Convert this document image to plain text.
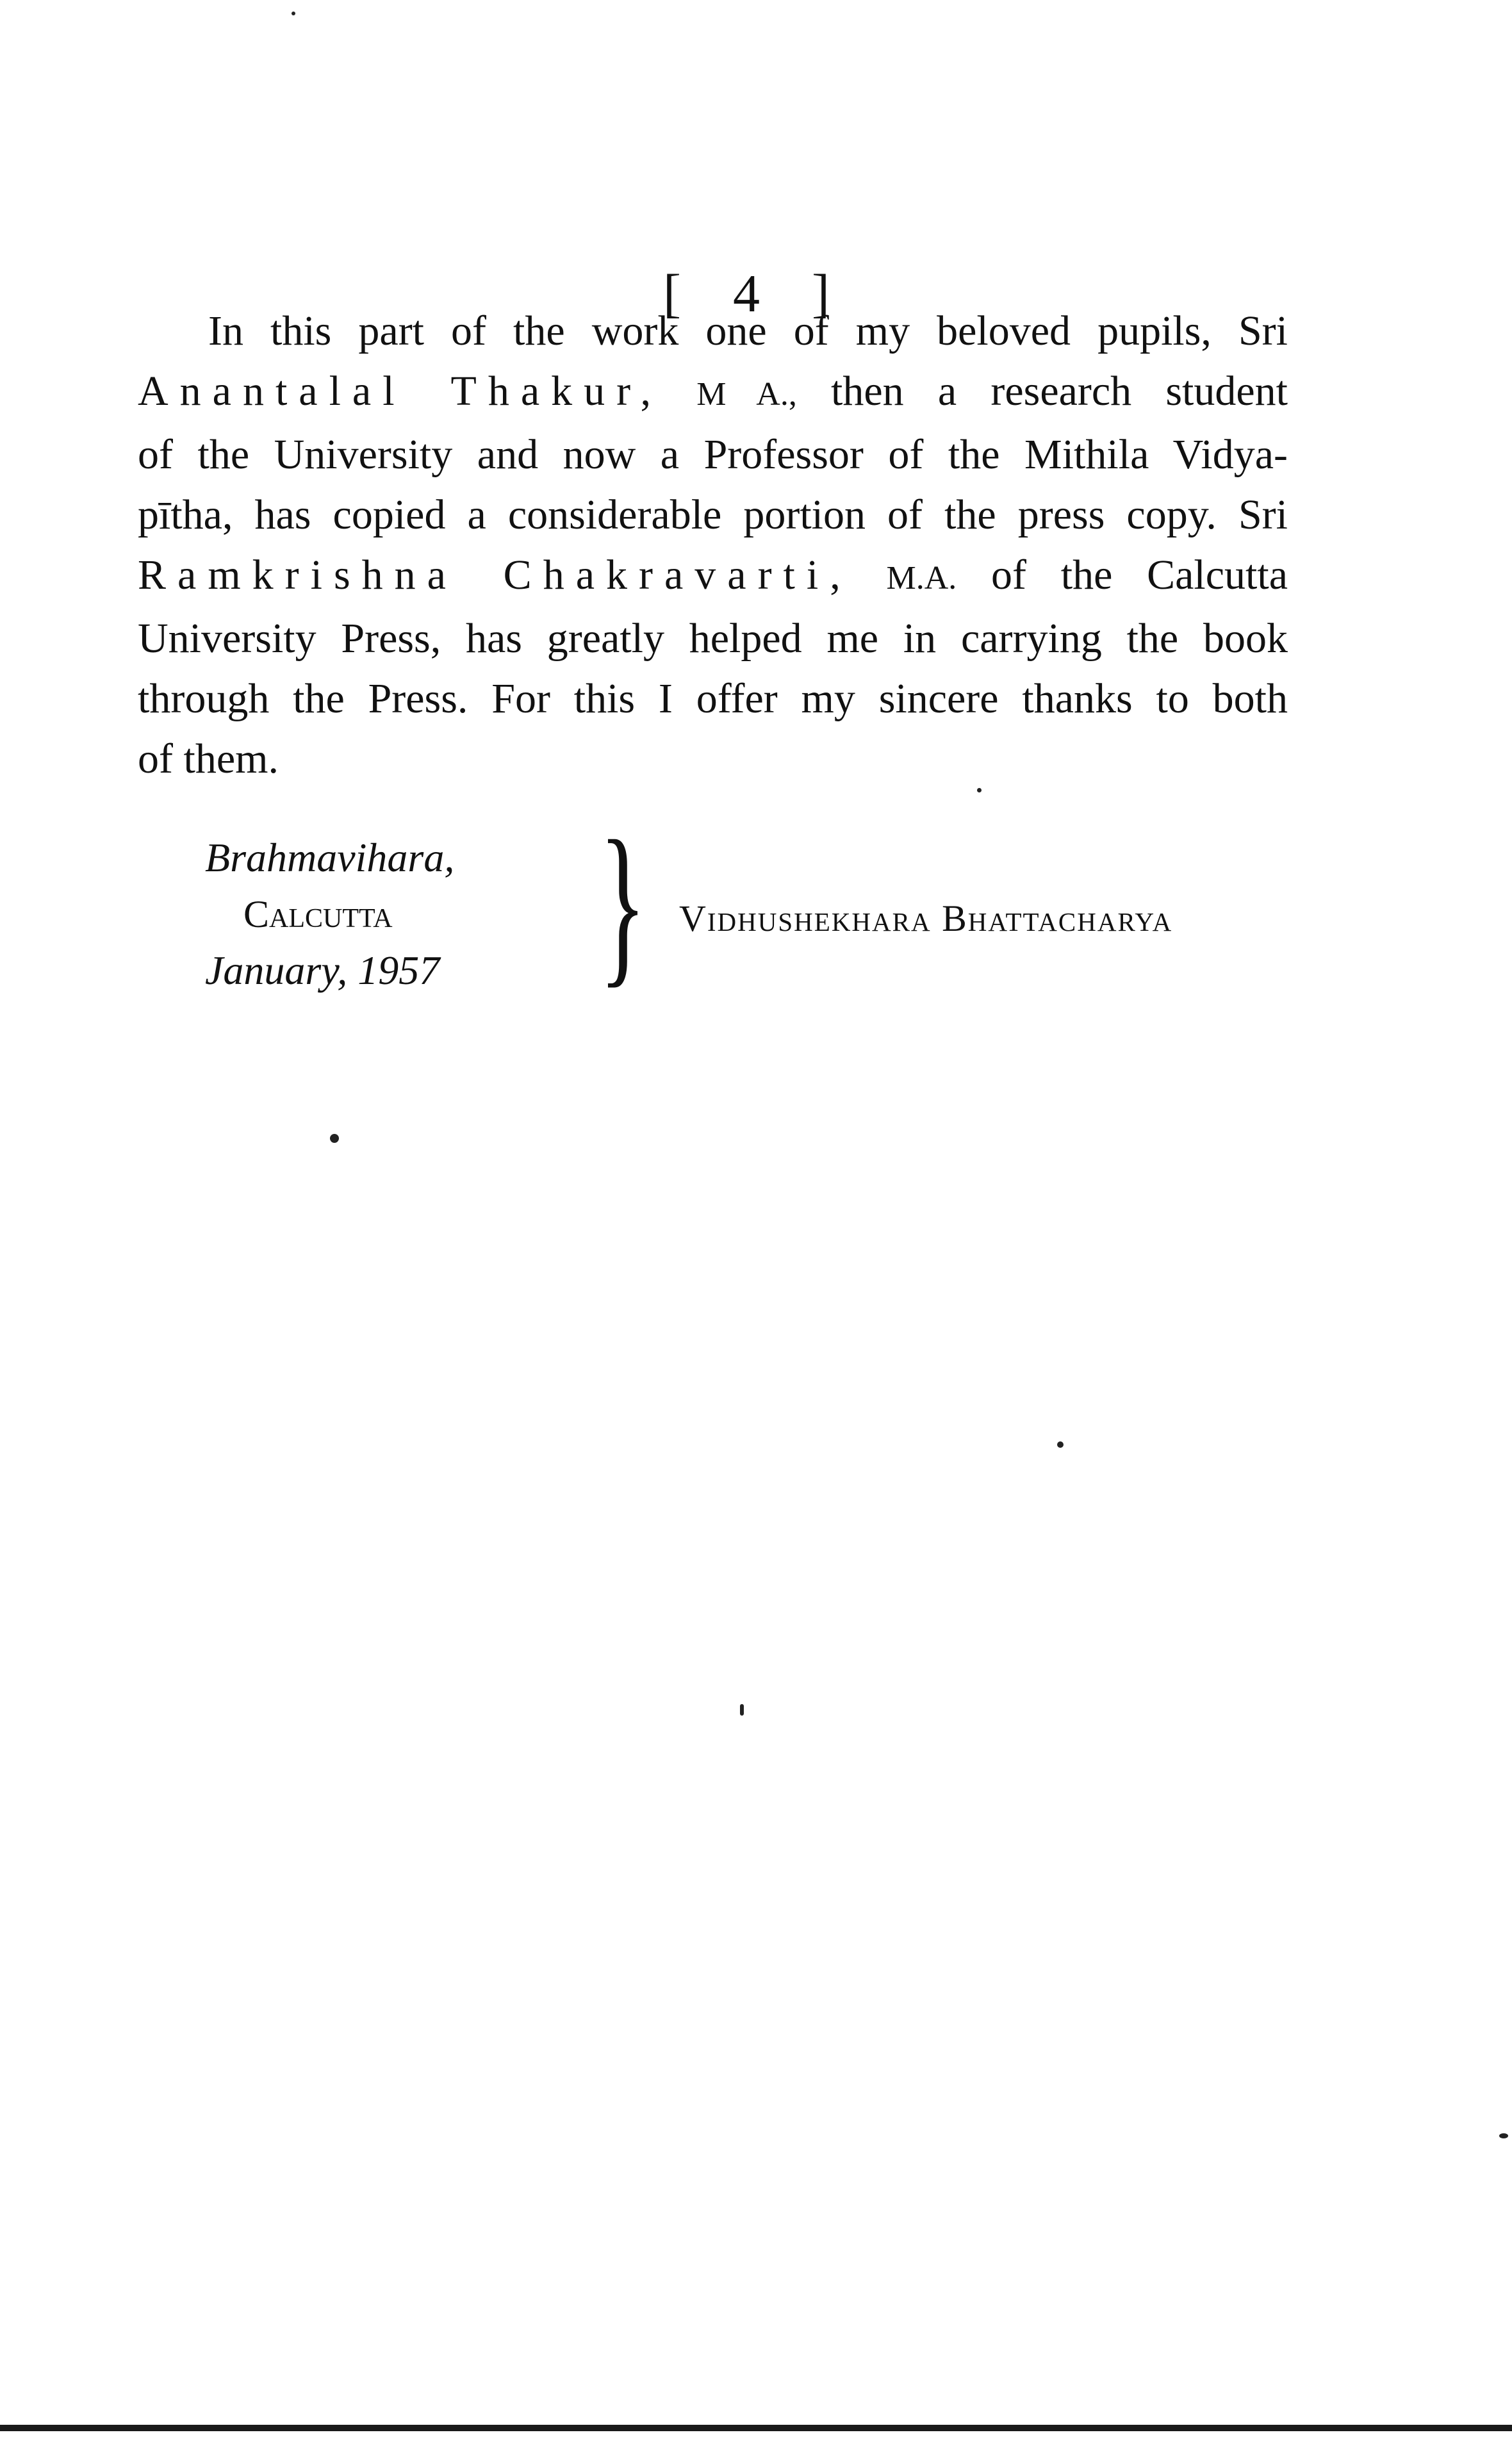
[ 4 ]
In this part of the work one of my beloved pupils, Sri
Anantalal Thakur, M A., then a research student
of the University and now a Professor of the Mithila Vidya-
pītha, has copied a considerable portion of the press copy. Sri
Ramkrishna Chakravarti, M.A. of the Calcutta
University Press, has greatly helped me in carrying the book
through the Press. For this I offer my sincere thanks to both
of them.
Brahmavihara,
Calcutta
January, 1957 } Vidhushekhara Bhattacharya
